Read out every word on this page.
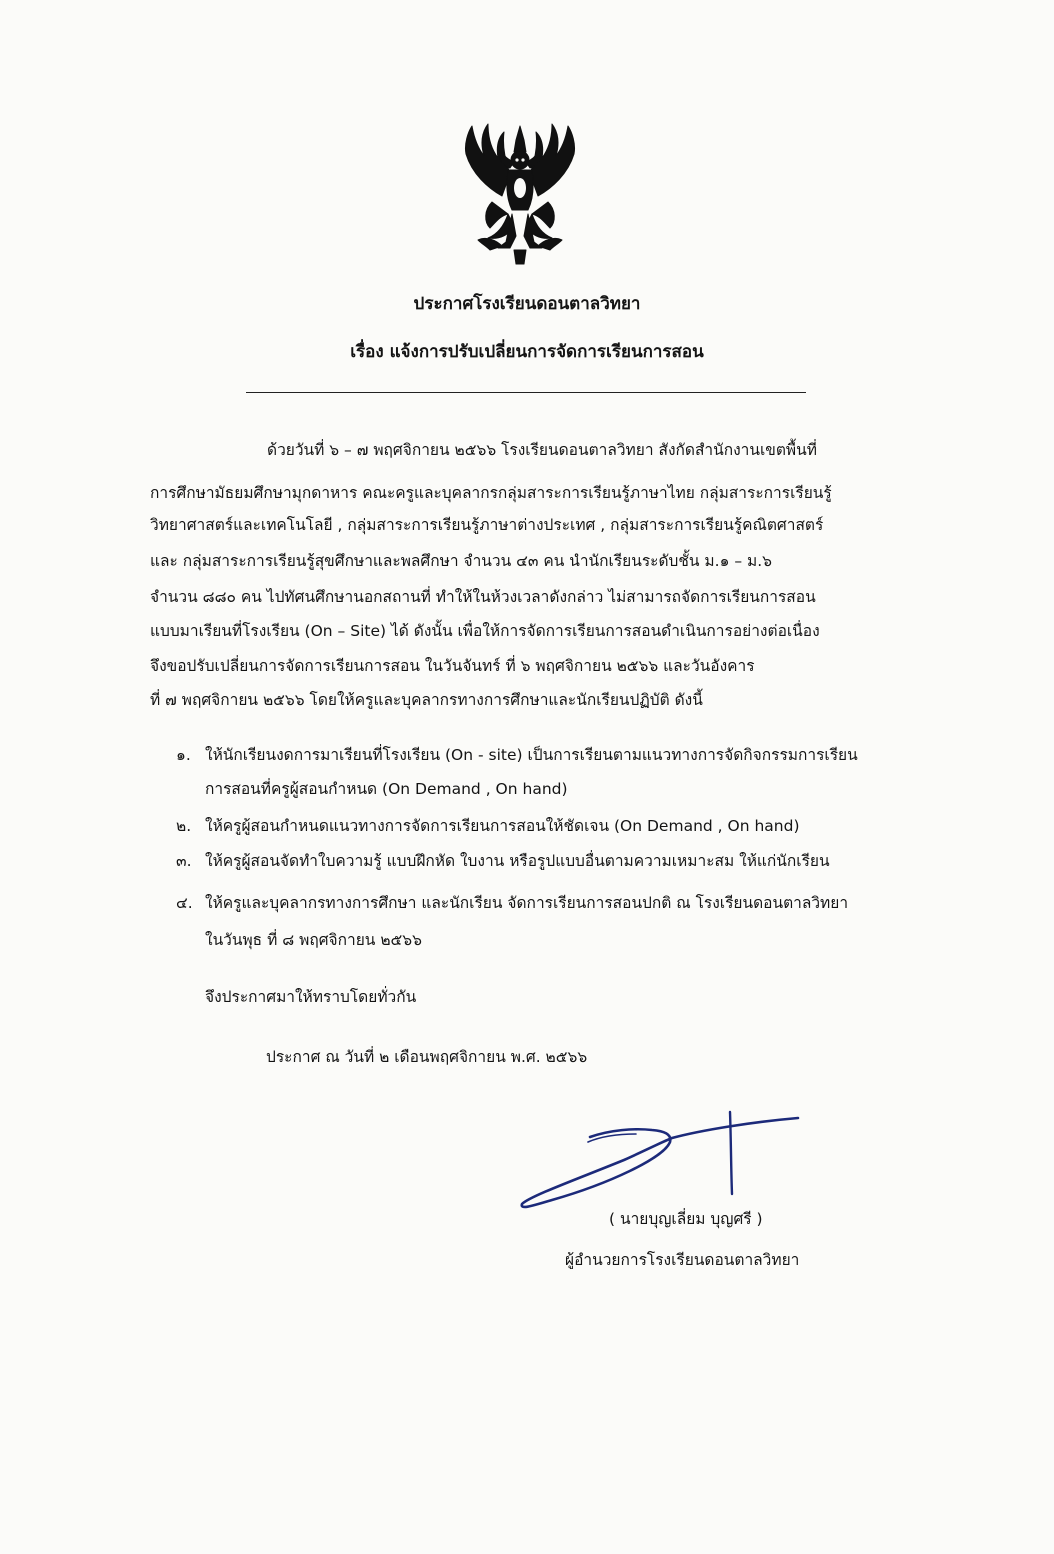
ประกาศโรงเรียนดอนตาลวิทยา
เรื่อง แจ้งการปรับเปลี่ยนการจัดการเรียนการสอน
ด้วยวันที่ ๖ – ๗ พฤศจิกายน ๒๕๖๖ โรงเรียนดอนตาลวิทยา สังกัดสำนักงานเขตพื้นที่
การศึกษามัธยมศึกษามุกดาหาร คณะครูและบุคลากรกลุ่มสาระการเรียนรู้ภาษาไทย กลุ่มสาระการเรียนรู้
วิทยาศาสตร์และเทคโนโลยี , กลุ่มสาระการเรียนรู้ภาษาต่างประเทศ , กลุ่มสาระการเรียนรู้คณิตศาสตร์
และ กลุ่มสาระการเรียนรู้สุขศึกษาและพลศึกษา จำนวน ๔๓ คน นำนักเรียนระดับชั้น ม.๑ – ม.๖
จำนวน ๘๘๐ คน ไปทัศนศึกษานอกสถานที่ ทำให้ในห้วงเวลาดังกล่าว ไม่สามารถจัดการเรียนการสอน
แบบมาเรียนที่โรงเรียน (On – Site) ได้ ดังนั้น เพื่อให้การจัดการเรียนการสอนดำเนินการอย่างต่อเนื่อง
จึงขอปรับเปลี่ยนการจัดการเรียนการสอน ในวันจันทร์ ที่ ๖ พฤศจิกายน ๒๕๖๖ และวันอังคาร
ที่ ๗ พฤศจิกายน ๒๕๖๖ โดยให้ครูและบุคลากรทางการศึกษาและนักเรียนปฏิบัติ ดังนี้
๑. ให้นักเรียนงดการมาเรียนที่โรงเรียน (On - site) เป็นการเรียนตามแนวทางการจัดกิจกรรมการเรียน
การสอนที่ครูผู้สอนกำหนด (On Demand , On hand)
๒. ให้ครูผู้สอนกำหนดแนวทางการจัดการเรียนการสอนให้ชัดเจน (On Demand , On hand)
๓. ให้ครูผู้สอนจัดทำใบความรู้ แบบฝึกหัด ใบงาน หรือรูปแบบอื่นตามความเหมาะสม ให้แก่นักเรียน
๔. ให้ครูและบุคลากรทางการศึกษา และนักเรียน จัดการเรียนการสอนปกติ ณ โรงเรียนดอนตาลวิทยา
ในวันพุธ ที่ ๘ พฤศจิกายน ๒๕๖๖
จึงประกาศมาให้ทราบโดยทั่วกัน
ประกาศ ณ วันที่ ๒ เดือนพฤศจิกายน พ.ศ. ๒๕๖๖
( นายบุญเลี่ยม บุญศรี )
ผู้อำนวยการโรงเรียนดอนตาลวิทยา
